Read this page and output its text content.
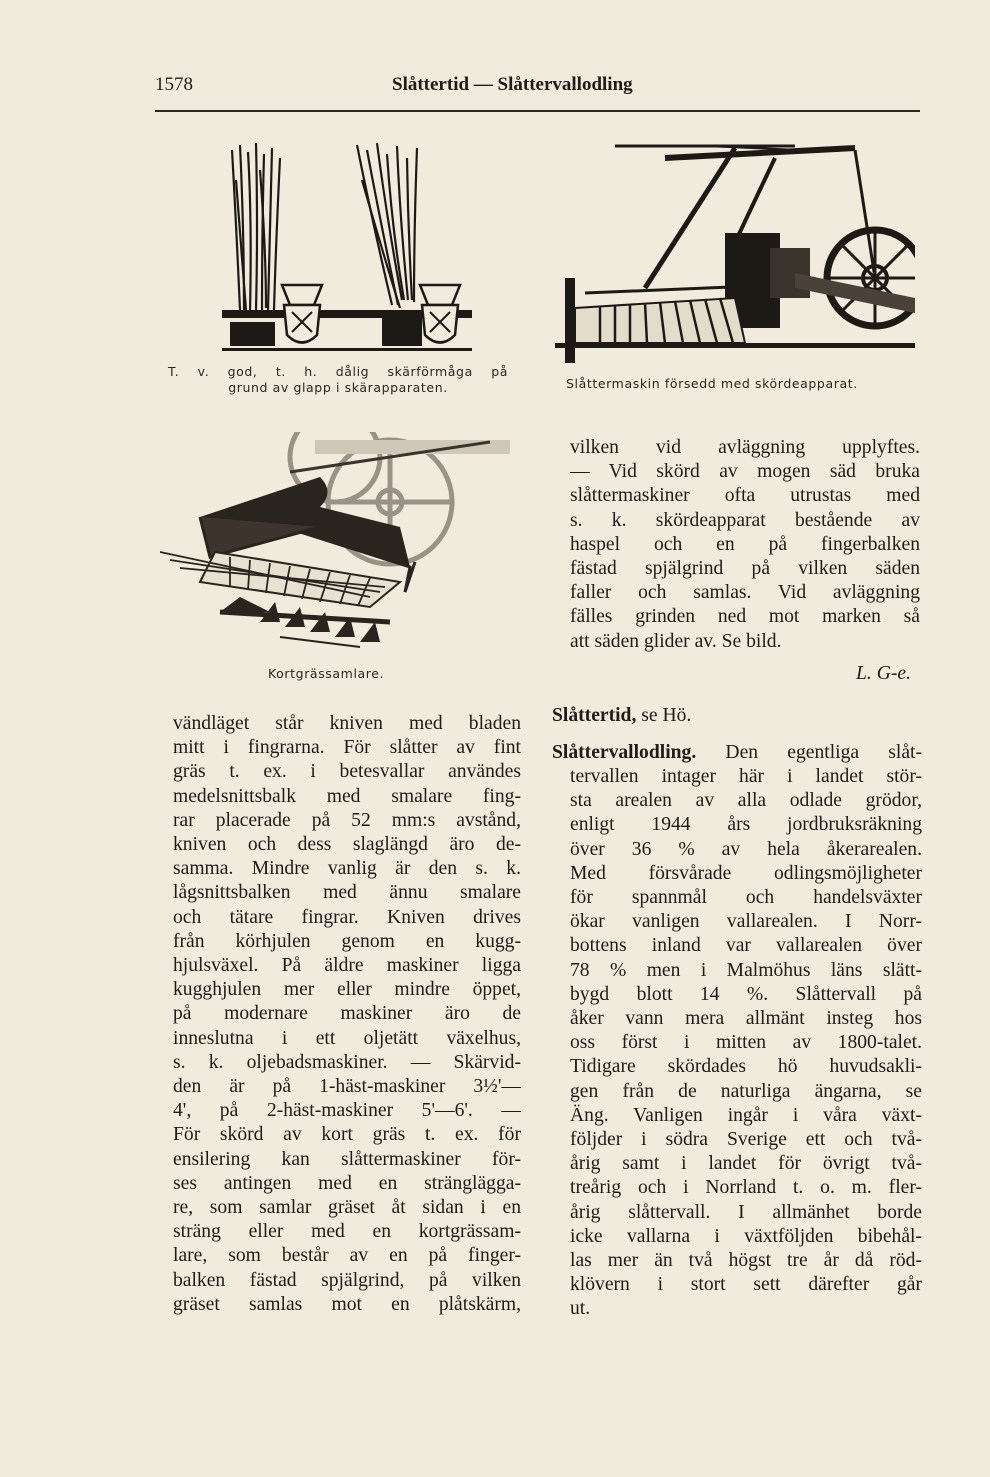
1578	Slåttertid — Slåttervallodling
T. v. god, t. h. dålig skärförmåga på
grund av glapp i skärapparaten.	Slåttermaskin försedd med skördeapparat.
Kortgrässamlare.
vilken vid avläggning upplyftes.
— Vid skörd av mogen säd bruka
slåttermaskiner ofta utrustas med
s. k. skördeapparat bestående av
haspel och en på fingerbalken
fästad spjälgrind på vilken säden
faller och samlas. Vid avläggning
fälles grinden ned mot marken så
att säden glider av. Se bild.
L. G-e.
Slåttertid, se Hö.
Slåttervallodling. Den egentliga slåt-
tervallen intager här i landet stör-
sta arealen av alla odlade grödor,
enligt 1944 års jordbruksräkning
över 36 % av hela åkerarealen.
Med försvårade odlingsmöjligheter
för spannmål och handelsväxter
ökar vanligen vallarealen. I Norr-
bottens inland var vallarealen över
78 % men i Malmöhus läns slätt-
bygd blott 14 %. Slåttervall på
åker vann mera allmänt insteg hos
oss först i mitten av 1800-talet.
Tidigare skördades hö huvudsakli-
gen från de naturliga ängarna, se
Äng. Vanligen ingår i våra växt-
följder i södra Sverige ett och två-
årig samt i landet för övrigt två-
treårig och i Norrland t. o. m. fler-
årig slåttervall. I allmänhet borde
icke vallarna i växtföljden bibehål-
las mer än två högst tre år då röd-
klövern i stort sett därefter går
ut.
vändläget står kniven med bladen
mitt i fingrarna. För slåtter av fint
gräs t. ex. i betesvallar användes
medelsnittsbalk med smalare fing-
rar placerade på 52 mm:s avstånd,
kniven och dess slaglängd äro de-
samma. Mindre vanlig är den s. k.
lågsnittsbalken med ännu smalare
och tätare fingrar. Kniven drives
från körhjulen genom en kugg-
hjulsväxel. På äldre maskiner ligga
kugghjulen mer eller mindre öppet,
på modernare maskiner äro de
inneslutna i ett oljetätt växelhus,
s. k. oljebadsmaskiner. — Skärvid-
den är på 1-häst-maskiner 3½'—
4', på 2-häst-maskiner 5'—6'. —
För skörd av kort gräs t. ex. för
ensilering kan slåttermaskiner för-
ses antingen med en strängläggа-
re, som samlar gräset åt sidan i en
sträng eller med en kortgrässam-
lare, som består av en på finger-
balken fästad spjälgrind, på vilken
gräset samlas mot en plåtskärm,
